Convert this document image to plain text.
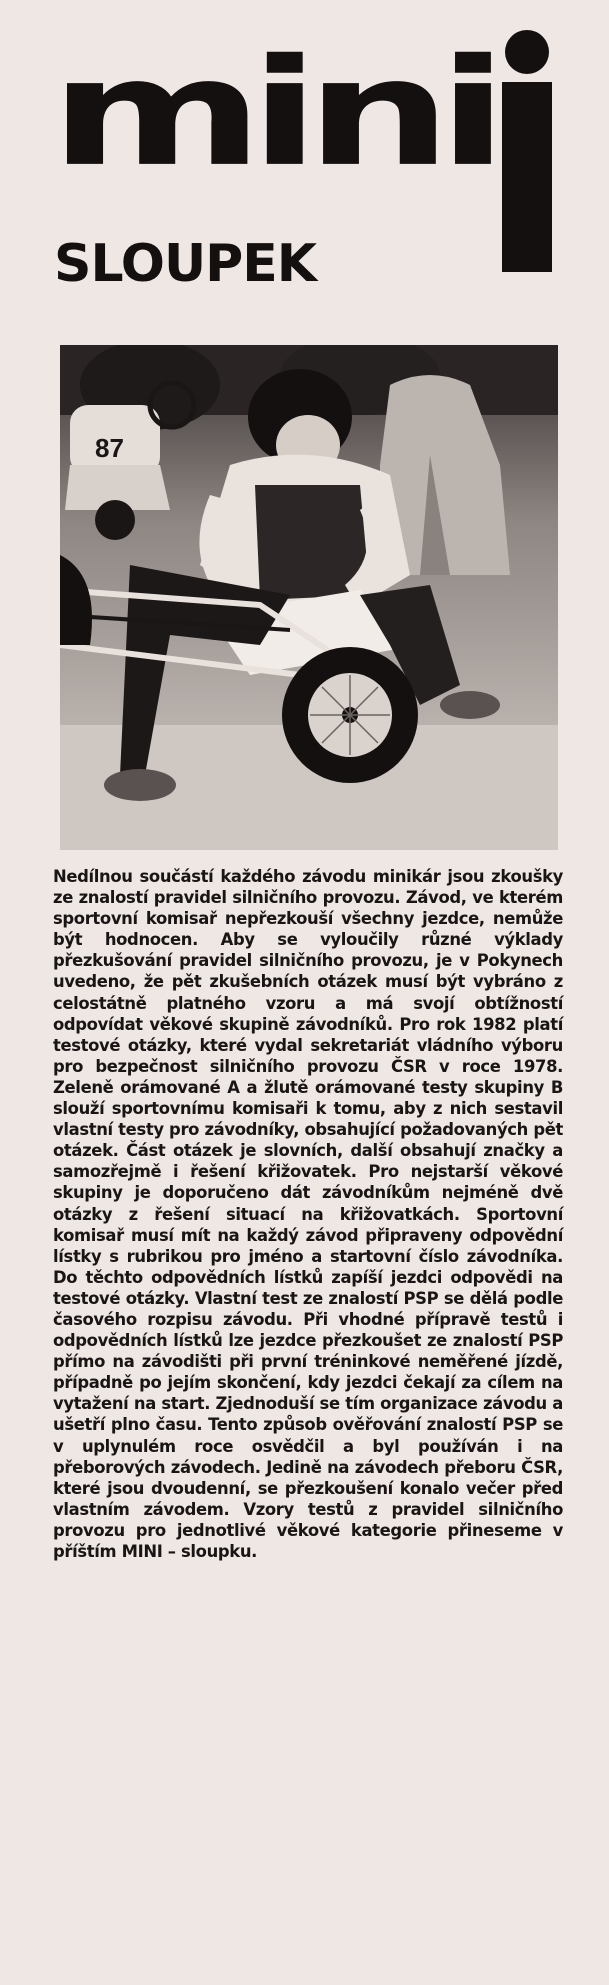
mini
SLOUPEK
87

Nedílnou součástí každého závodu minikár jsou zkoušky ze znalostí pravidel silničního provozu. Závod, ve kterém sportovní komisař nepřezkouší všechny jezdce, nemůže být hodnocen. Aby se vyloučily různé výklady přezkušování pravidel silničního provozu, je v Pokynech uvedeno, že pět zkušebních otázek musí být vybráno z celostátně platného vzoru a má svojí obtížností odpovídat věkové skupině závodníků. Pro rok 1982 platí testové otázky, které vydal sekretariát vládního výboru pro bezpečnost silničního provozu ČSR v roce 1978. Zeleně orámované A a žlutě orámované testy skupiny B slouží sportovnímu komisaři k tomu, aby z nich sestavil vlastní testy pro závodníky, obsahující požadovaných pět otázek. Část otázek je slovních, další obsahují značky a samozřejmě i řešení křižovatek. Pro nejstarší věkové skupiny je doporučeno dát závodníkům nejméně dvě otázky z řešení situací na křižovatkách. Sportovní komisař musí mít na každý závod připraveny odpovědní lístky s rubrikou pro jméno a startovní číslo závodníka. Do těchto odpovědních lístků zapíší jezdci odpovědi na testové otázky. Vlastní test ze znalostí PSP se dělá podle časového rozpisu závodu. Při vhodné přípravě testů i odpovědních lístků lze jezdce přezkoušet ze znalostí PSP přímo na závodišti při první tréninkové neměřené jízdě, případně po jejím skončení, kdy jezdci čekají za cílem na vytažení na start. Zjednoduší se tím organizace závodu a ušetří plno času. Tento způsob ověřování znalostí PSP se v uplynulém roce osvědčil a byl používán i na přeborových závodech. Jedině na závodech přeboru ČSR, které jsou dvoudenní, se přezkoušení konalo večer před vlastním závodem. Vzory testů z pravidel silničního provozu pro jednotlivé věkové kategorie přineseme v příštím MINI – sloupku.
